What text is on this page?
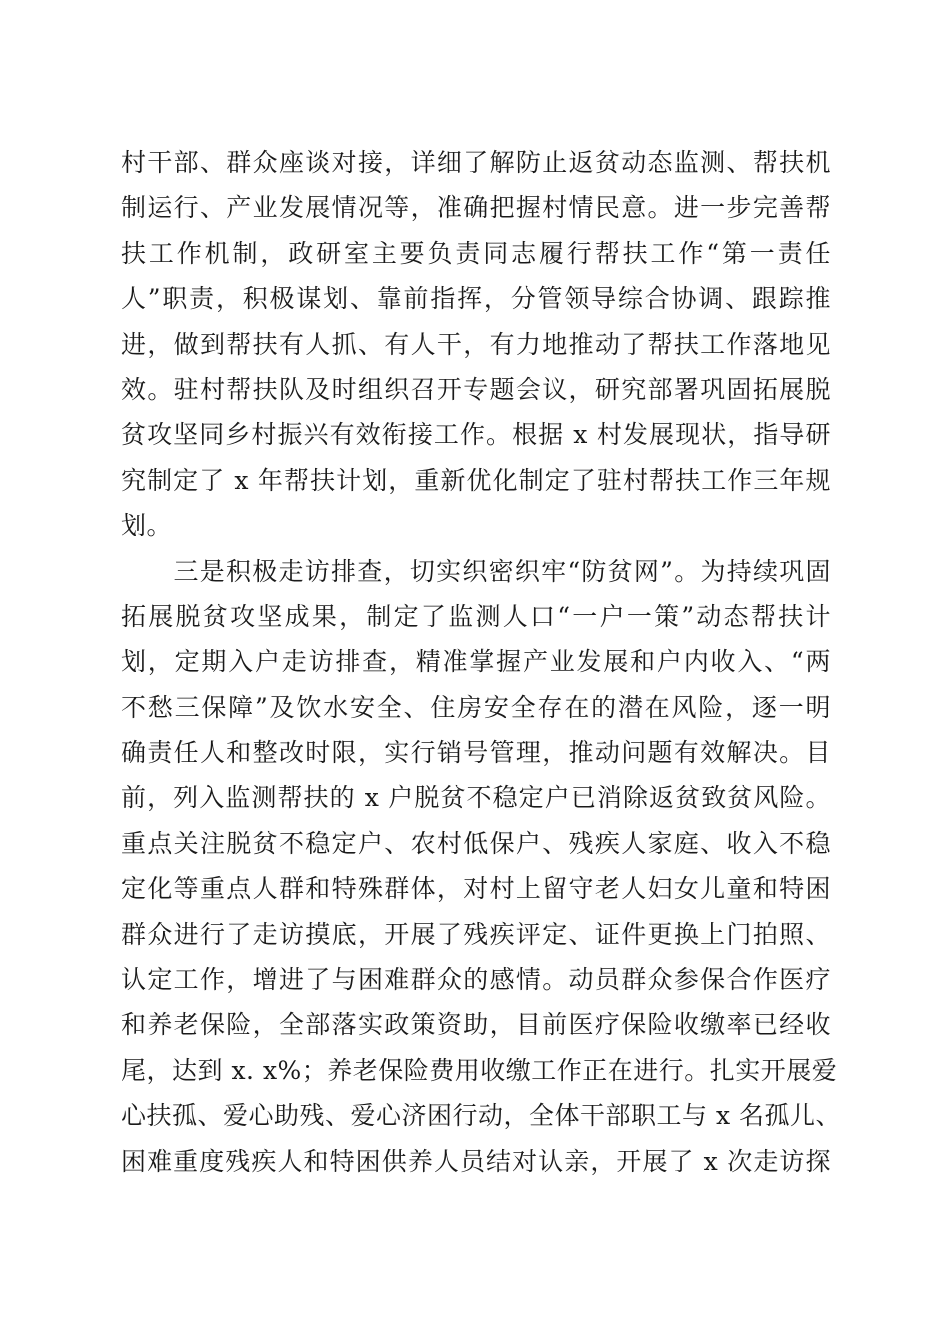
村干部、群众座谈对接，详细了解防止返贫动态监测、帮扶机
制运行、产业发展情况等，准确把握村情民意。进一步完善帮
扶工作机制，政研室主要负责同志履行帮扶工作“第一责任
人”职责，积极谋划、靠前指挥，分管领导综合协调、跟踪推
进，做到帮扶有人抓、有人干，有力地推动了帮扶工作落地见
效。驻村帮扶队及时组织召开专题会议，研究部署巩固拓展脱
贫攻坚同乡村振兴有效衔接工作。根据 x 村发展现状，指导研
究制定了 x 年帮扶计划，重新优化制定了驻村帮扶工作三年规
划。
　　三是积极走访排查，切实织密织牢“防贫网”。为持续巩固
拓展脱贫攻坚成果，制定了监测人口“一户一策”动态帮扶计
划，定期入户走访排查，精准掌握产业发展和户内收入、“两
不愁三保障”及饮水安全、住房安全存在的潜在风险，逐一明
确责任人和整改时限，实行销号管理，推动问题有效解决。目
前，列入监测帮扶的 x 户脱贫不稳定户已消除返贫致贫风险。
重点关注脱贫不稳定户、农村低保户、残疾人家庭、收入不稳
定化等重点人群和特殊群体，对村上留守老人妇女儿童和特困
群众进行了走访摸底，开展了残疾评定、证件更换上门拍照、
认定工作，增进了与困难群众的感情。动员群众参保合作医疗
和养老保险，全部落实政策资助，目前医疗保险收缴率已经收
尾，达到 x. x%；养老保险费用收缴工作正在进行。扎实开展爱
心扶孤、爱心助残、爱心济困行动，全体干部职工与 x 名孤儿、
困难重度残疾人和特困供养人员结对认亲，开展了 x 次走访探
